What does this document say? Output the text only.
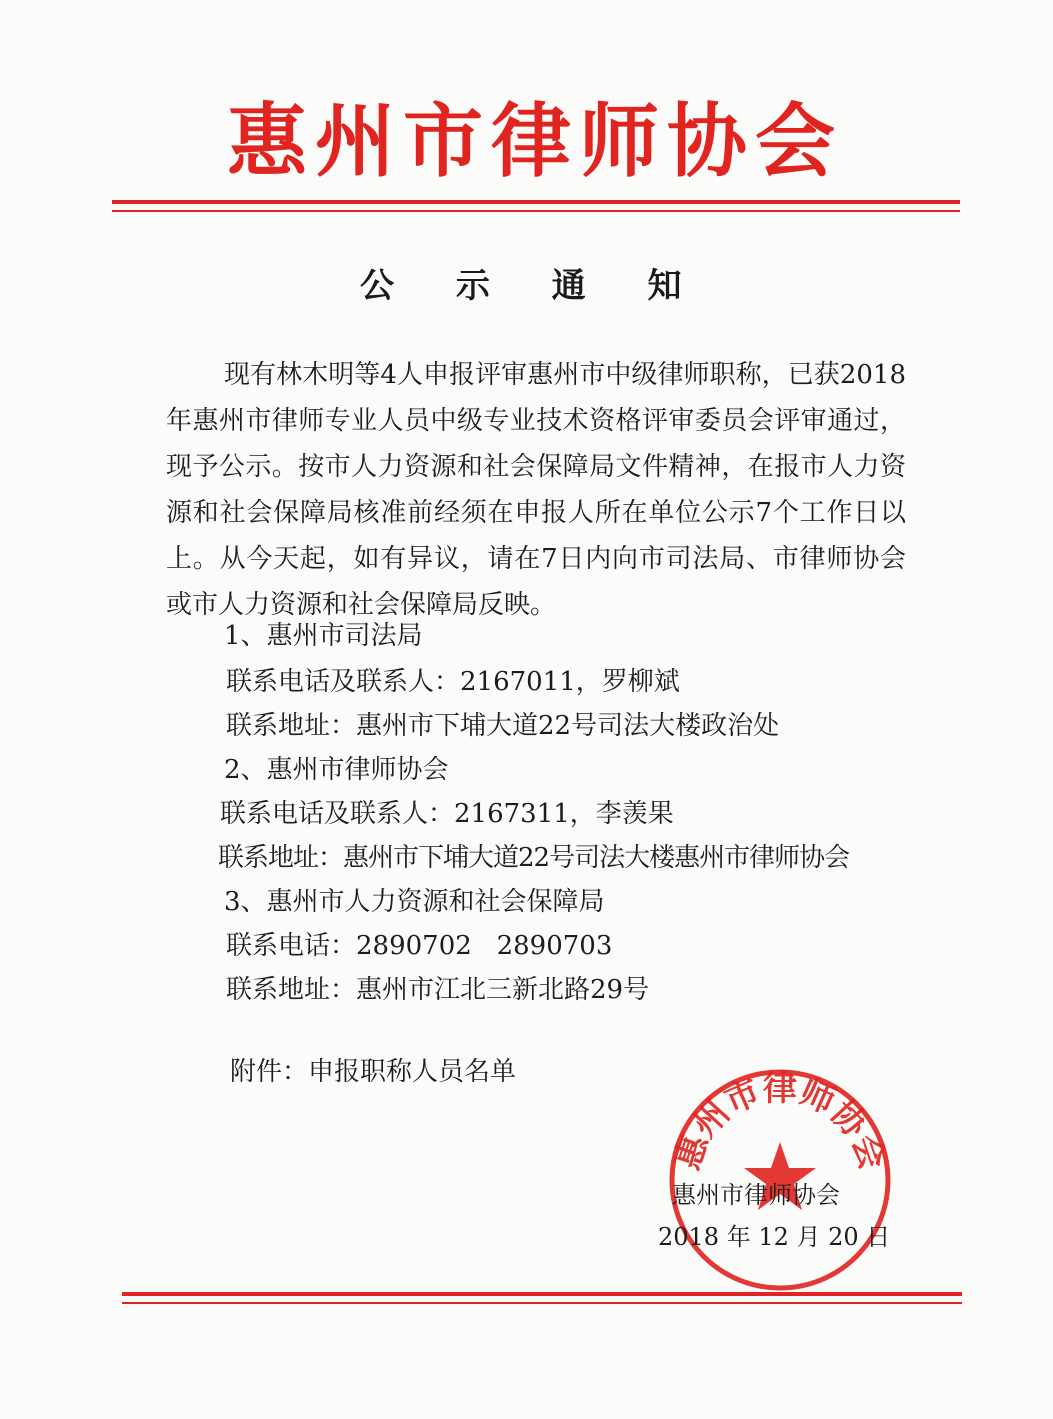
惠州市律师协会
公 示 通 知

现有林木明等4人申报评审惠州市中级律师职称，已获2018年惠州市律师专业人员中级专业技术资格评审委员会评审通过，现予公示。按市人力资源和社会保障局文件精神，在报市人力资源和社会保障局核准前经须在申报人所在单位公示7个工作日以上。从今天起，如有异议，请在7日内向市司法局、市律师协会或市人力资源和社会保障局反映。

1、惠州市司法局
联系电话及联系人：2167011，罗柳斌
联系地址：惠州市下埔大道22号司法大楼政治处
2、惠州市律师协会
联系电话及联系人：2167311，李羡果
联系地址：惠州市下埔大道22号司法大楼惠州市律师协会
3、惠州市人力资源和社会保障局
联系电话：2890702   2890703
联系地址：惠州市江北三新北路29号
附件：申报职称人员名单
惠州市律师协会
惠州市律师协会
2018 年 12 月 20 日
